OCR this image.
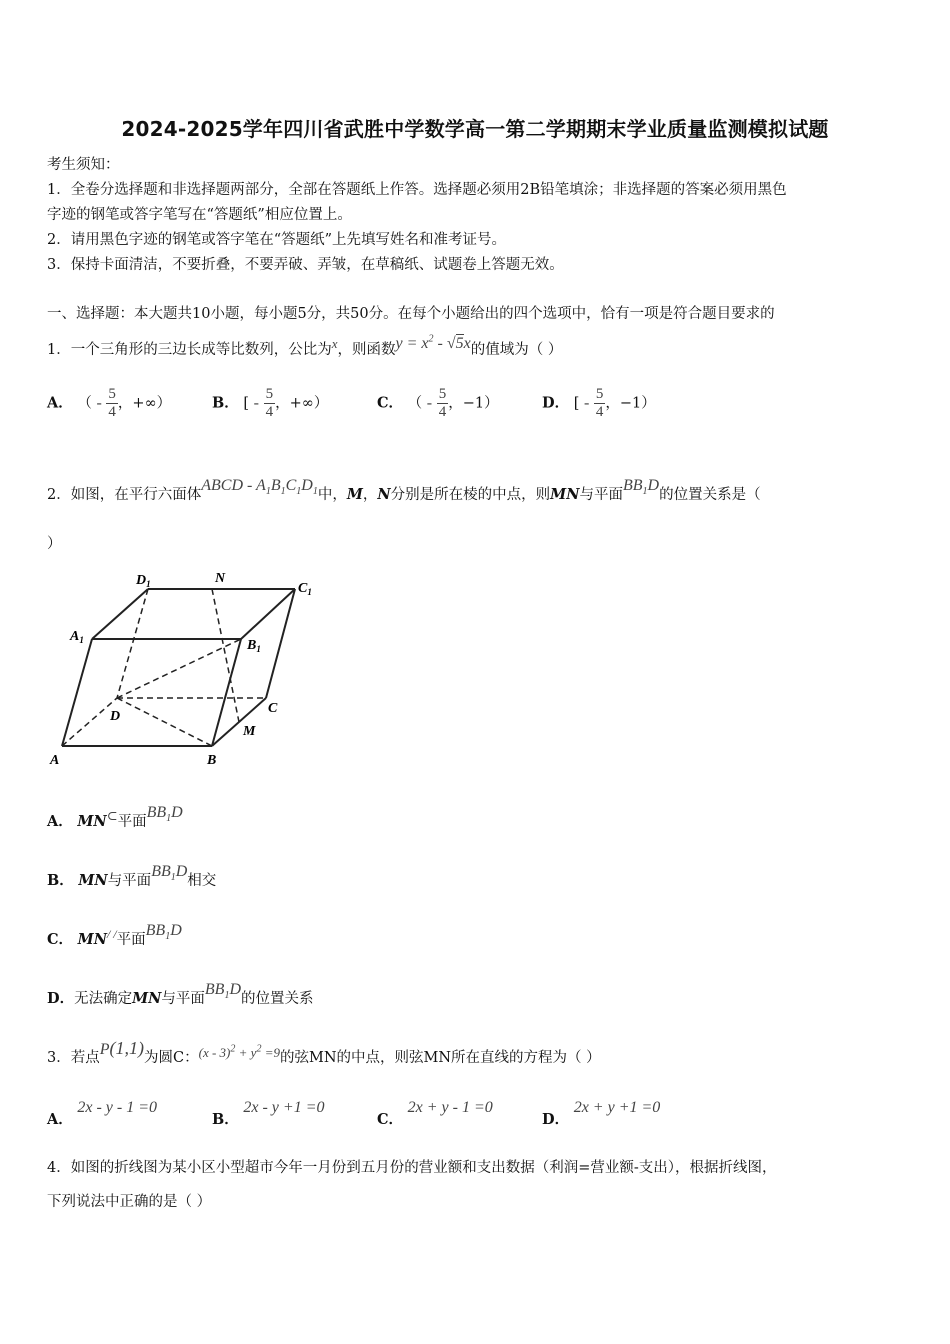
2024-2025学年四川省武胜中学数学高一第二学期期末学业质量监测模拟试题
考生须知：
1．全卷分选择题和非选择题两部分，全部在答题纸上作答。选择题必须用2B铅笔填涂；非选择题的答案必须用黑色
字迹的钢笔或答字笔写在“答题纸”相应位置上。
2．请用黑色字迹的钢笔或答字笔在“答题纸”上先填写姓名和准考证号。
3．保持卡面清洁，不要折叠，不要弄破、弄皱，在草稿纸、试题卷上答题无效。
一、选择题：本大题共10小题，每小题5分，共50分。在每个小题给出的四个选项中，恰有一项是符合题目要求的
1．一个三角形的三边长成等比数列，公比为x，则函数$y = x^2 - √5x$的值域为（ ）
A． （ - $\frac{5}{4}$ ，+∞）	B． [ - $\frac{5}{4}$ ，+∞）	C． （ - $\frac{5}{4}$ ，−1）	D． [ - $\frac{5}{4}$ ，−1）
2．如图，在平行六面体ABCD - $A_1B_1C_1D_1$中，M，N分别是所在棱的中点，则MN与平面$BB_1D$的位置关系是（
）
$D_1$	N
$C_1$
$A_1$	$B_1$
D
C
M
A	B
A． MN⊂平面$BB_1D$
B． MN与平面$BB_1D$相交
C． MN/ /平面$BB_1D$
D．无法确定MN与平面$BB_1D$的位置关系
3．若点P(1,1)为圆C：$(x - 3)^2 + y^2 =9$的弦MN的中点，则弦MN所在直线的方程为（ ）
A． 2x - y - 1 =0
B． 2x - y +1 =0
C． 2x + y - 1 =0
D． 2x + y +1 =0
4．如图的折线图为某小区小型超市今年一月份到五月份的营业额和支出数据（利润=营业额-支出），根据折线图，
下列说法中正确的是（ ）
